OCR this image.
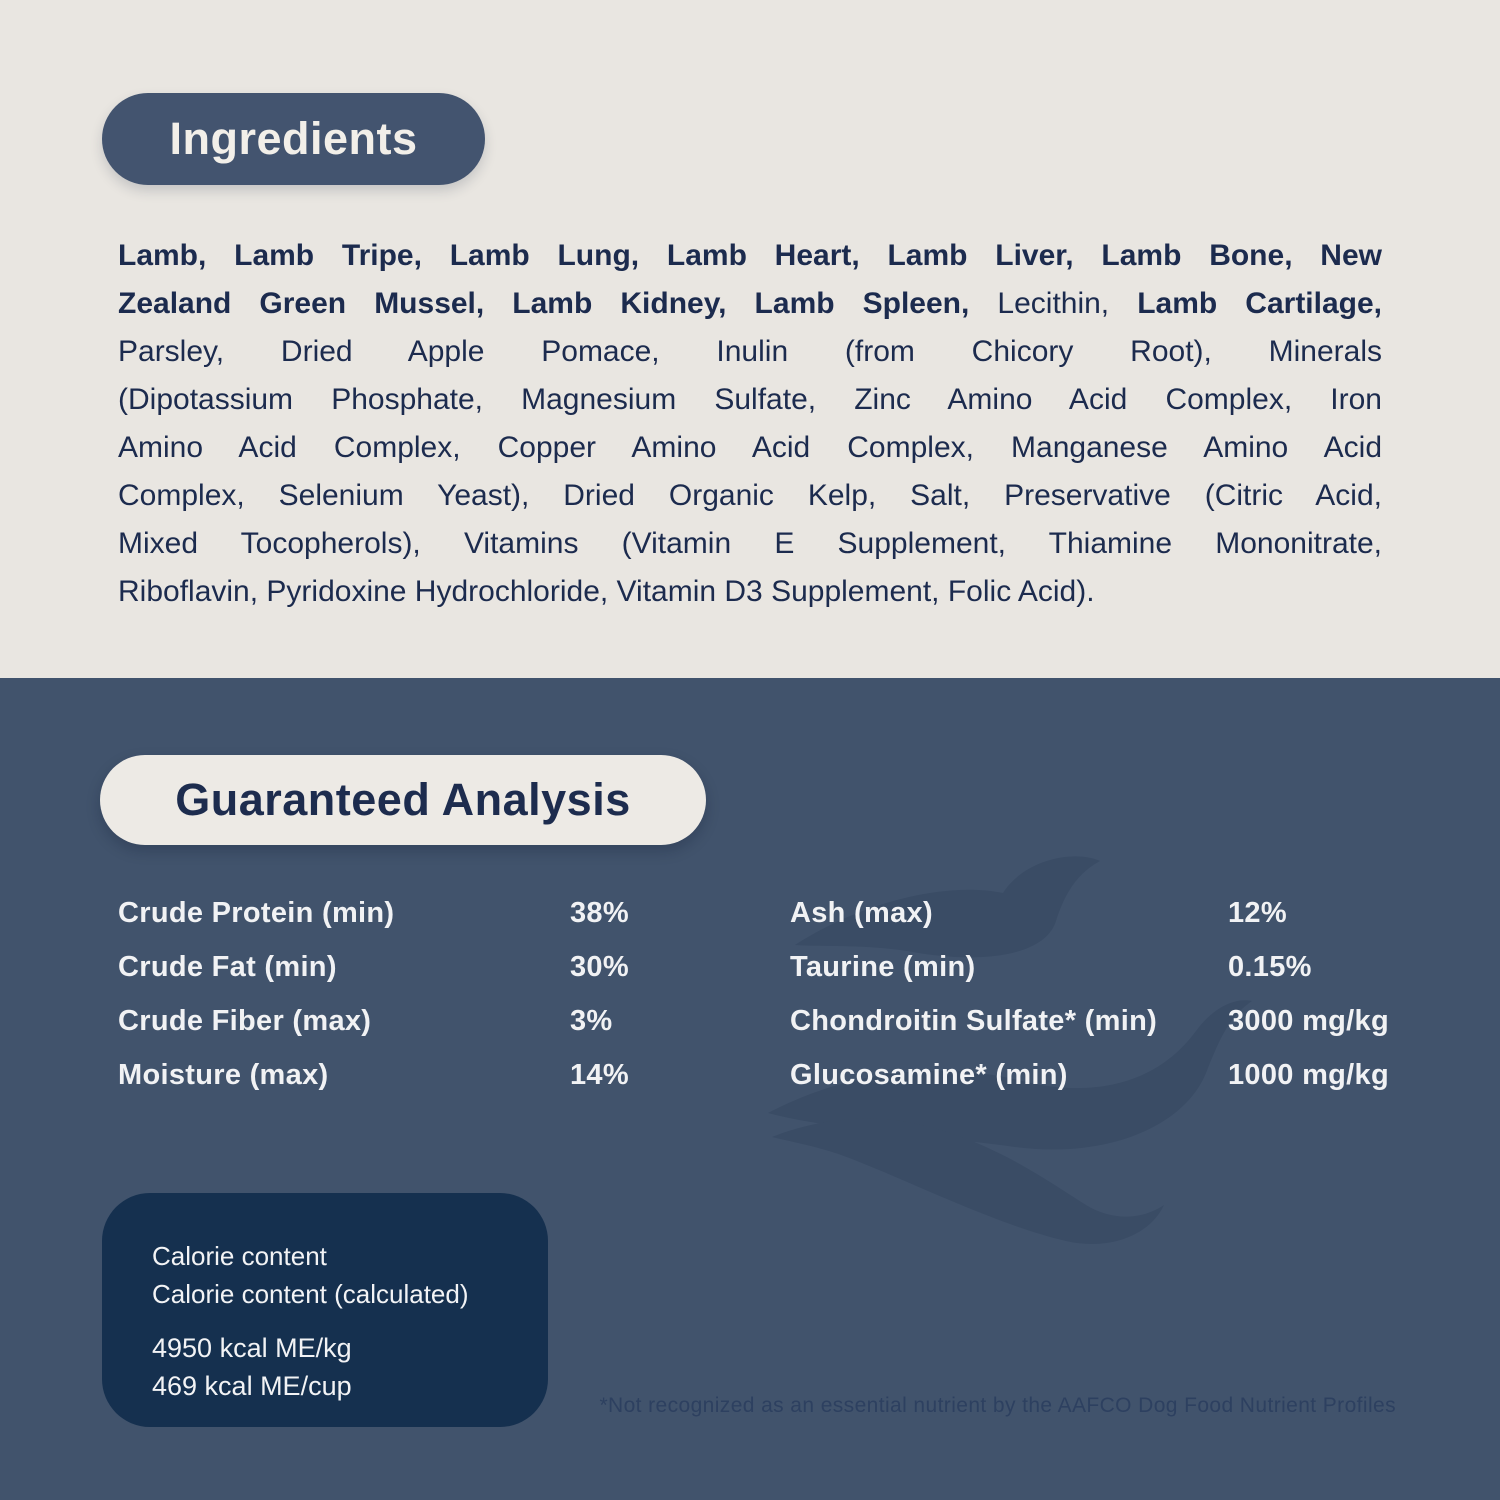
Ingredients
Lamb, Lamb Tripe, Lamb Lung, Lamb Heart, Lamb Liver, Lamb Bone, New
Zealand Green Mussel, Lamb Kidney, Lamb Spleen, Lecithin, Lamb Cartilage,
Parsley, Dried Apple Pomace, Inulin (from Chicory Root), Minerals
(Dipotassium Phosphate, Magnesium Sulfate, Zinc Amino Acid Complex, Iron
Amino Acid Complex, Copper Amino Acid Complex, Manganese Amino Acid
Complex, Selenium Yeast), Dried Organic Kelp, Salt, Preservative (Citric Acid,
Mixed Tocopherols), Vitamins (Vitamin E Supplement, Thiamine Mononitrate,
Riboflavin, Pyridoxine Hydrochloride, Vitamin D3 Supplement, Folic Acid).
Guaranteed Analysis
Crude Protein (min)	38%
Crude Fat (min)	30%
Crude Fiber (max)	3%
Moisture (max)	14%
Ash (max)	12%
Taurine (min)	0.15%
Chondroitin Sulfate* (min) 3000 mg/kg
Glucosamine* (min)	1000 mg/kg
Calorie content
Calorie content (calculated)
4950 kcal ME/kg
469 kcal ME/cup
*Not recognized as an essential nutrient by the AAFCO Dog Food Nutrient Profiles
